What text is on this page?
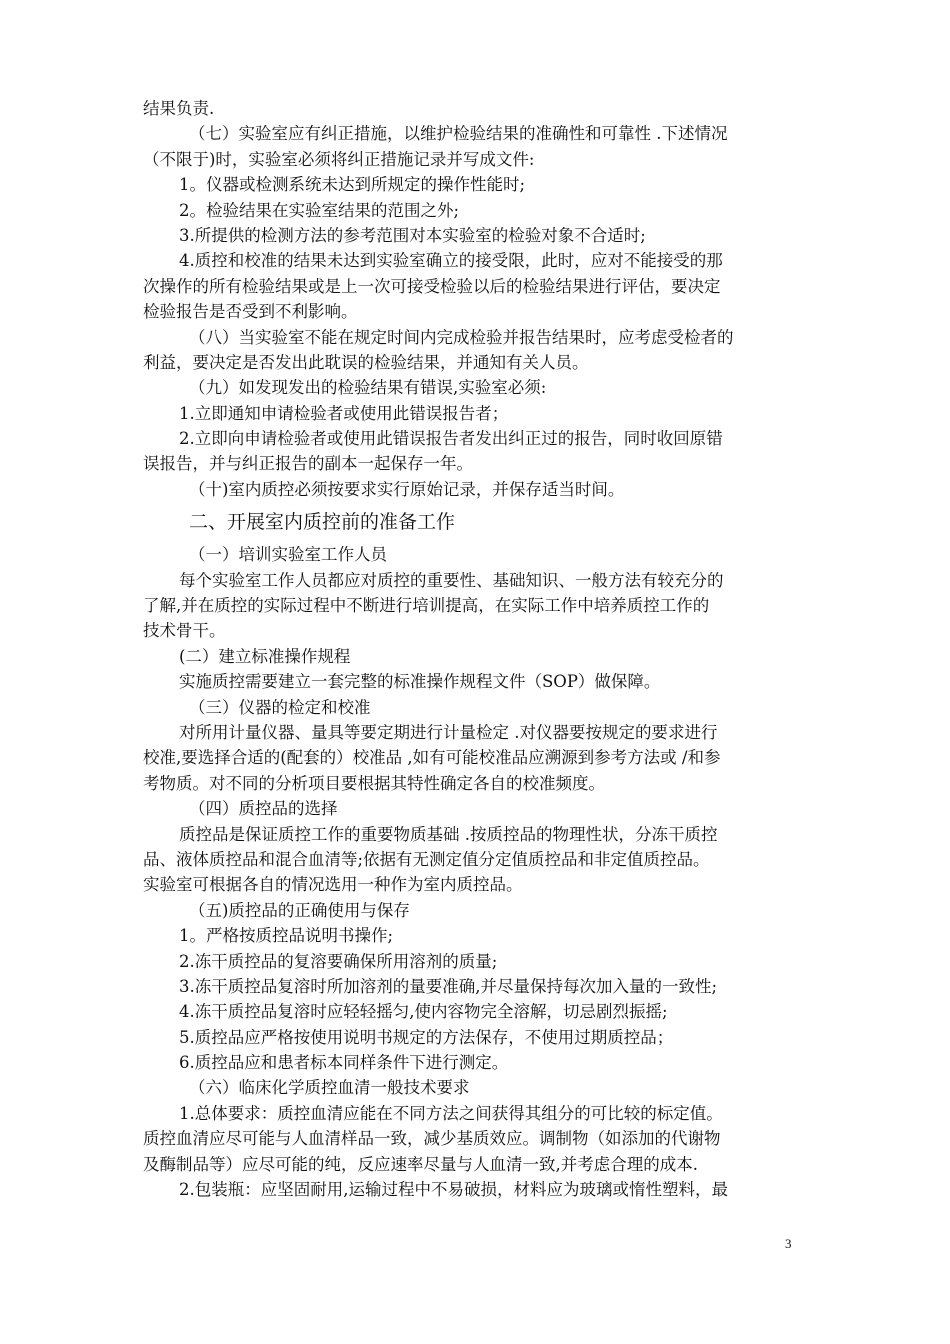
结果负责.
（七）实验室应有纠正措施，以维护检验结果的准确性和可靠性 .下述情况
（不限于)时，实验室必须将纠正措施记录并写成文件:
1。仪器或检测系统未达到所规定的操作性能时;
2。检验结果在实验室结果的范围之外;
3.所提供的检测方法的参考范围对本实验室的检验对象不合适时;
4.质控和校准的结果未达到实验室确立的接受限，此时，应对不能接受的那
次操作的所有检验结果或是上一次可接受检验以后的检验结果进行评估，要决定
检验报告是否受到不利影响。
（八）当实验室不能在规定时间内完成检验并报告结果时，应考虑受检者的
利益，要决定是否发出此耽误的检验结果，并通知有关人员。
（九）如发现发出的检验结果有错误,实验室必须:
1.立即通知申请检验者或使用此错误报告者；
2.立即向申请检验者或使用此错误报告者发出纠正过的报告，同时收回原错
误报告，并与纠正报告的副本一起保存一年。
（十)室内质控必须按要求实行原始记录，并保存适当时间。
二、开展室内质控前的准备工作
（一）培训实验室工作人员
每个实验室工作人员都应对质控的重要性、基础知识、一般方法有较充分的
了解,并在质控的实际过程中不断进行培训提高，在实际工作中培养质控工作的
技术骨干。
(二）建立标准操作规程
实施质控需要建立一套完整的标准操作规程文件（SOP）做保障。
（三）仪器的检定和校准
对所用计量仪器、量具等要定期进行计量检定 .对仪器要按规定的要求进行
校准,要选择合适的(配套的）校准品 ,如有可能校准品应溯源到参考方法或 /和参
考物质。对不同的分析项目要根据其特性确定各自的校准频度。
（四）质控品的选择
质控品是保证质控工作的重要物质基础 .按质控品的物理性状，分冻干质控
品、液体质控品和混合血清等;依据有无测定值分定值质控品和非定值质控品。
实验室可根据各自的情况选用一种作为室内质控品。
（五)质控品的正确使用与保存
1。严格按质控品说明书操作;
2.冻干质控品的复溶要确保所用溶剂的质量;
3.冻干质控品复溶时所加溶剂的量要准确,并尽量保持每次加入量的一致性;
4.冻干质控品复溶时应轻轻摇匀,使内容物完全溶解，切忌剧烈振摇;
5.质控品应严格按使用说明书规定的方法保存，不使用过期质控品；
6.质控品应和患者标本同样条件下进行测定。
（六）临床化学质控血清一般技术要求
1.总体要求：质控血清应能在不同方法之间获得其组分的可比较的标定值。
质控血清应尽可能与人血清样品一致，减少基质效应。调制物（如添加的代谢物
及酶制品等）应尽可能的纯，反应速率尽量与人血清一致,并考虑合理的成本.
2.包装瓶：应坚固耐用,运输过程中不易破损，材料应为玻璃或惰性塑料，最
3
